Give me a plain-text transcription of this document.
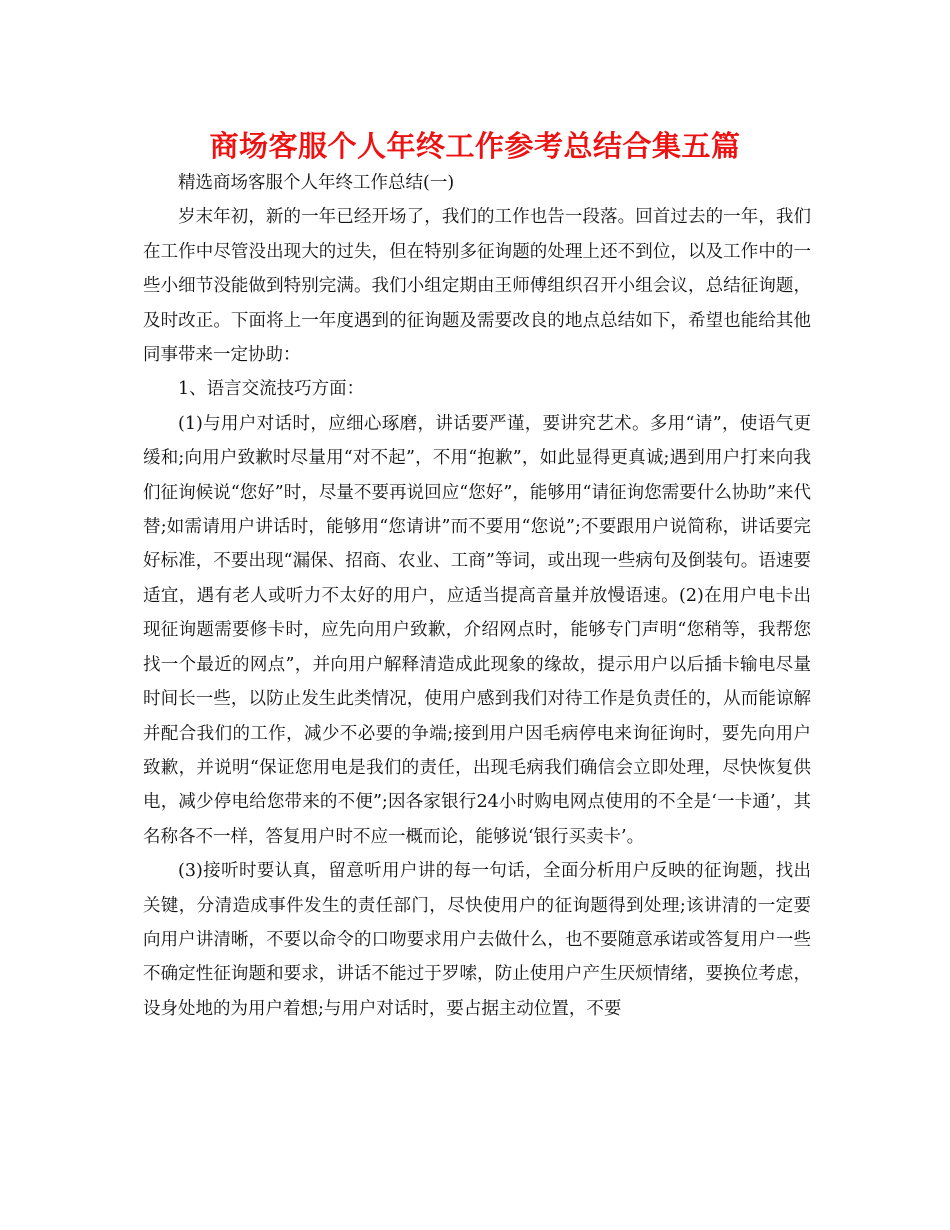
商场客服个人年终工作参考总结合集五篇

精选商场客服个人年终工作总结(一)

岁末年初，新的一年已经开场了，我们的工作也告一段落。回首过去的一年，我们在工作中尽管没出现大的过失，但在特别多征询题的处理上还不到位，以及工作中的一些小细节没能做到特别完满。我们小组定期由王师傅组织召开小组会议，总结征询题，及时改正。下面将上一年度遇到的征询题及需要改良的地点总结如下，希望也能给其他同事带来一定协助：

1、语言交流技巧方面：

(1)与用户对话时，应细心琢磨，讲话要严谨，要讲究艺术。多用“请”，使语气更缓和;向用户致歉时尽量用“对不起”，不用“抱歉”，如此显得更真诚;遇到用户打来向我们征询候说“您好”时，尽量不要再说回应“您好”，能够用“请征询您需要什么协助”来代替;如需请用户讲话时，能够用“您请讲”而不要用“您说”;不要跟用户说简称，讲话要完好标准，不要出现“漏保、招商、农业、工商”等词，或出现一些病句及倒装句。语速要适宜，遇有老人或听力不太好的用户，应适当提高音量并放慢语速。(2)在用户电卡出现征询题需要修卡时，应先向用户致歉，介绍网点时，能够专门声明“您稍等，我帮您找一个最近的网点”，并向用户解释清造成此现象的缘故，提示用户以后插卡输电尽量时间长一些，以防止发生此类情况，使用户感到我们对待工作是负责任的，从而能谅解并配合我们的工作，减少不必要的争端;接到用户因毛病停电来询征询时，要先向用户致歉，并说明“保证您用电是我们的责任，出现毛病我们确信会立即处理，尽快恢复供电，减少停电给您带来的不便”;因各家银行24小时购电网点使用的不全是‘一卡通’，其名称各不一样，答复用户时不应一概而论，能够说‘银行买卖卡’。

(3)接听时要认真，留意听用户讲的每一句话，全面分析用户反映的征询题，找出关键，分清造成事件发生的责任部门，尽快使用户的征询题得到处理;该讲清的一定要向用户讲清晰，不要以命令的口吻要求用户去做什么，也不要随意承诺或答复用户一些不确定性征询题和要求，讲话不能过于罗嗦，防止使用户产生厌烦情绪，要换位考虑，设身处地的为用户着想;与用户对话时，要占据主动位置，不要
